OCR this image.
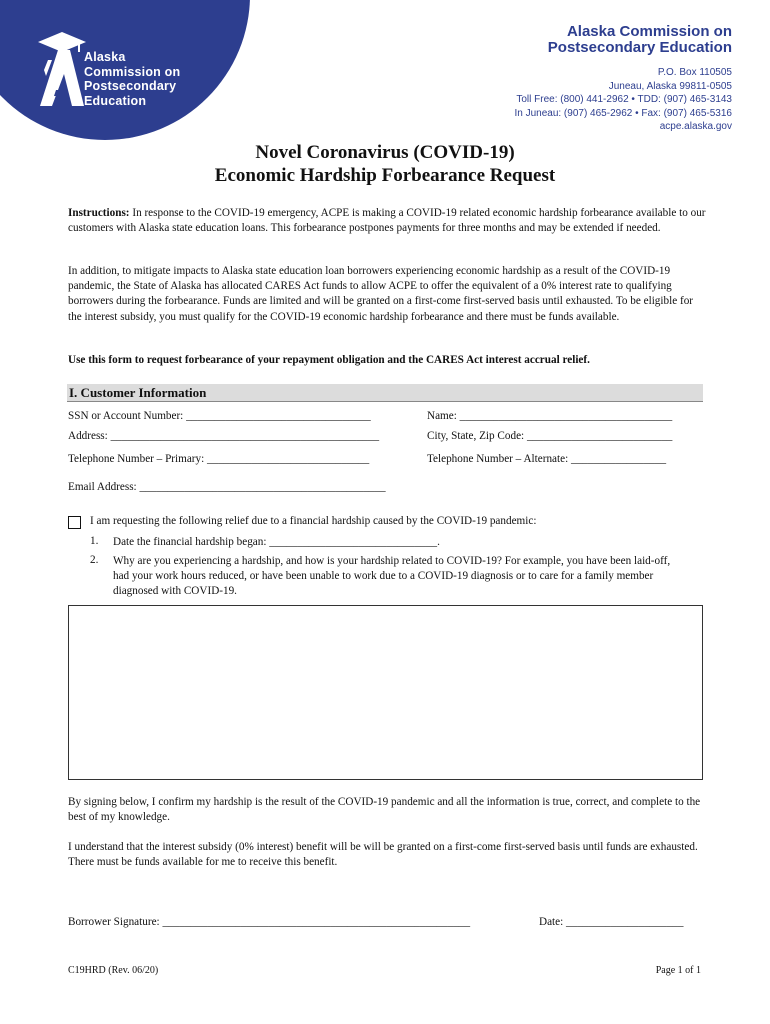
Alaska
Commission on
Postsecondary
Education
Alaska Commission on
Postsecondary Education
P.O. Box 110505
Juneau, Alaska 99811-0505
Toll Free: (800) 441-2962 • TDD: (907) 465-3143
In Juneau: (907) 465-2962 • Fax: (907) 465-5316
acpe.alaska.gov
Novel Coronavirus (COVID-19)
Economic Hardship Forbearance Request
Instructions: In response to the COVID-19 emergency, ACPE is making a COVID-19 related economic hardship forbearance available to our customers with Alaska state education loans. This forbearance postpones payments for three months and may be extended if needed.
In addition, to mitigate impacts to Alaska state education loan borrowers experiencing economic hardship as a result of the COVID-19 pandemic, the State of Alaska has allocated CARES Act funds to allow ACPE to offer the equivalent of a 0% interest rate to qualifying borrowers during the forbearance. Funds are limited and will be granted on a first-come first-served basis until exhausted. To be eligible for the interest subsidy, you must qualify for the COVID-19 economic hardship forbearance and there must be funds available.
Use this form to request forbearance of your repayment obligation and the CARES Act interest accrual relief.
I. Customer Information
SSN or Account Number: _________________________________	Name: ______________________________________
Address: ________________________________________________	City, State, Zip Code: __________________________
Telephone Number – Primary: _____________________________	Telephone Number – Alternate: _________________
Email Address: ____________________________________________
I am requesting the following relief due to a financial hardship caused by the COVID-19 pandemic:
1. Date the financial hardship began: ______________________________.
2. Why are you experiencing a hardship, and how is your hardship related to COVID-19? For example, you have been laid-off, had your work hours reduced, or have been unable to work due to a COVID-19 diagnosis or to care for a family member diagnosed with COVID-19.
By signing below, I confirm my hardship is the result of the COVID-19 pandemic and all the information is true, correct, and complete to the best of my knowledge.
I understand that the interest subsidy (0% interest) benefit will be will be granted on a first-come first-served basis until funds are exhausted. There must be funds available for me to receive this benefit.
Borrower Signature: _______________________________________________________	Date: _____________________
C19HRD (Rev. 06/20)	Page 1 of 1
